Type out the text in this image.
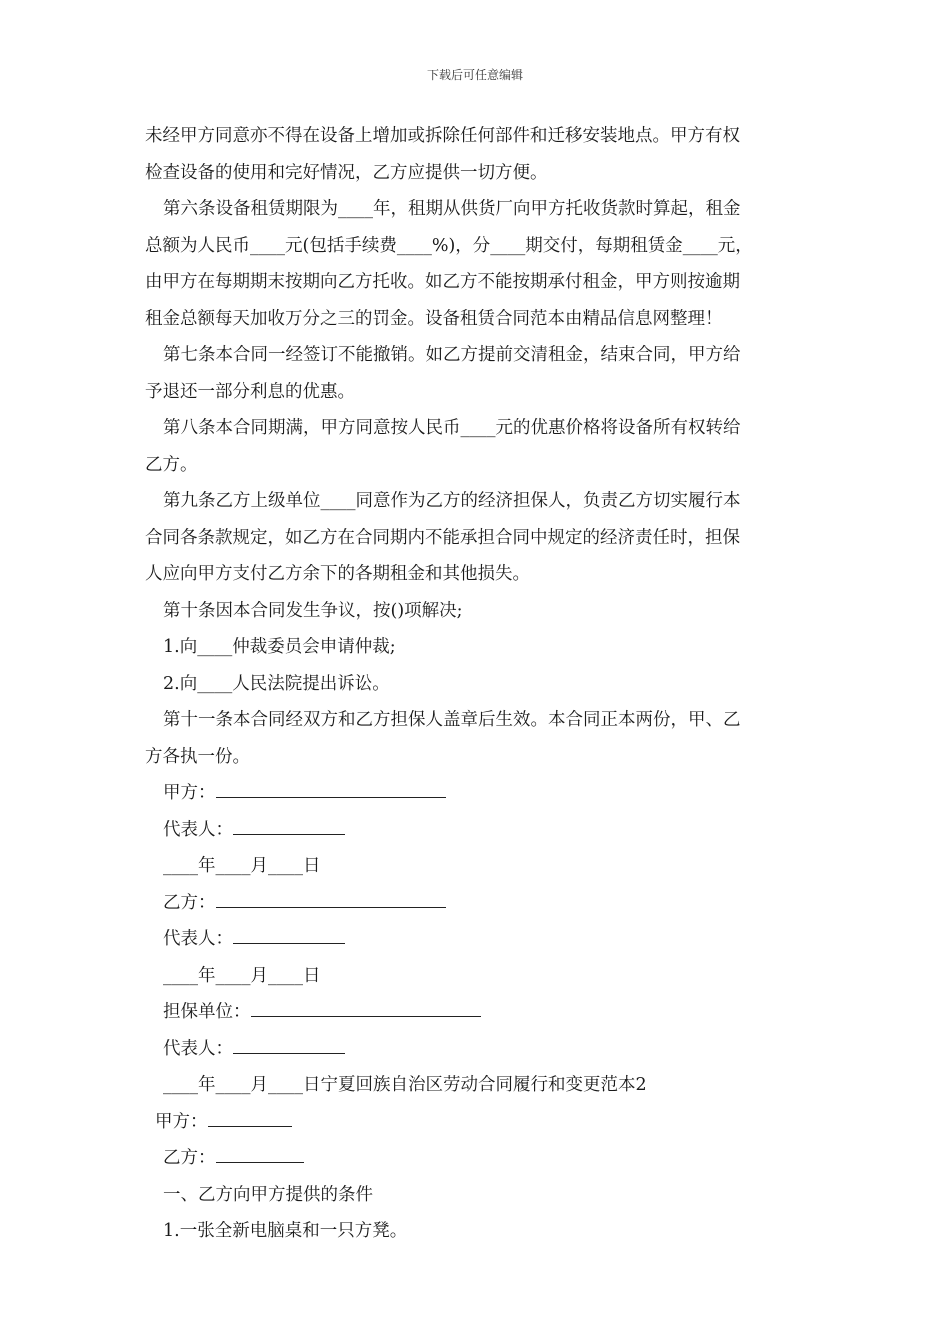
下载后可任意编辑
未经甲方同意亦不得在设备上增加或拆除任何部件和迁移安装地点。甲方有权
检查设备的使用和完好情况，乙方应提供一切方便。
第六条设备租赁期限为____年，租期从供货厂向甲方托收货款时算起，租金
总额为人民币____元(包括手续费____%)，分____期交付，每期租赁金____元，
由甲方在每期期末按期向乙方托收。如乙方不能按期承付租金，甲方则按逾期
租金总额每天加收万分之三的罚金。设备租赁合同范本由精品信息网整理！
第七条本合同一经签订不能撤销。如乙方提前交清租金，结束合同，甲方给
予退还一部分利息的优惠。
第八条本合同期满，甲方同意按人民币____元的优惠价格将设备所有权转给
乙方。
第九条乙方上级单位____同意作为乙方的经济担保人，负责乙方切实履行本
合同各条款规定，如乙方在合同期内不能承担合同中规定的经济责任时，担保
人应向甲方支付乙方余下的各期租金和其他损失。
第十条因本合同发生争议，按()项解决;
1.向____仲裁委员会申请仲裁;
2.向____人民法院提出诉讼。
第十一条本合同经双方和乙方担保人盖章后生效。本合同正本两份，甲、乙
方各执一份。
甲方：
代表人：
____年____月____日
乙方：
代表人：
____年____月____日
担保单位：
代表人：
____年____月____日宁夏回族自治区劳动合同履行和变更范本2
甲方：
乙方：
一、乙方向甲方提供的条件
1.一张全新电脑桌和一只方凳。
